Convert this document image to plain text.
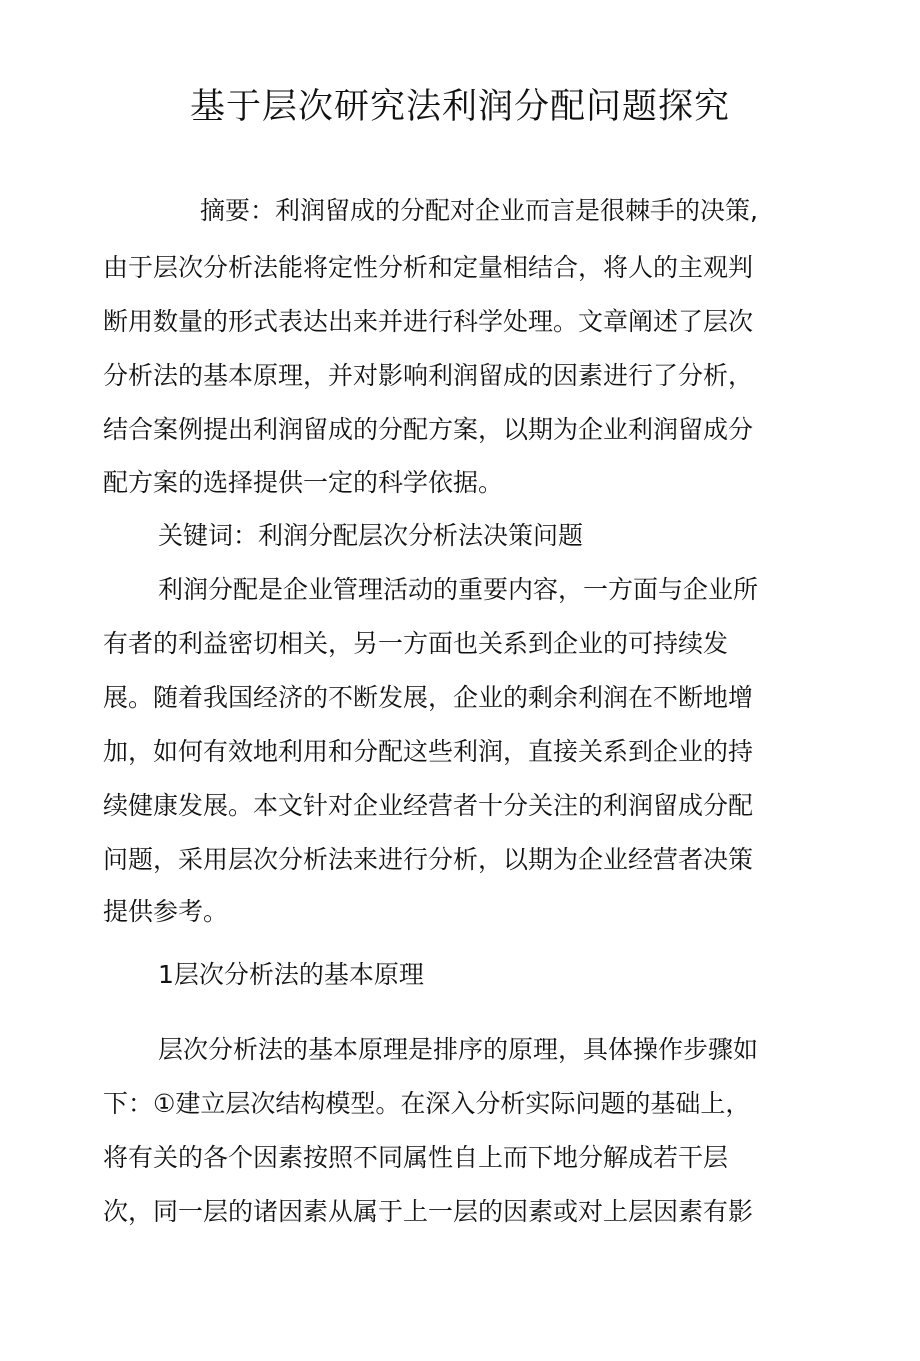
基于层次研究法利润分配问题探究

摘要：利润留成的分配对企业而言是很棘手的决策,

由于层次分析法能将定性分析和定量相结合，将人的主观判

断用数量的形式表达出来并进行科学处理。文章阐述了层次

分析法的基本原理，并对影响利润留成的因素进行了分析，

结合案例提出利润留成的分配方案，以期为企业利润留成分

配方案的选择提供一定的科学依据。

关键词：利润分配层次分析法决策问题

利润分配是企业管理活动的重要内容，一方面与企业所

有者的利益密切相关，另一方面也关系到企业的可持续发

展。随着我国经济的不断发展，企业的剩余利润在不断地增

加，如何有效地利用和分配这些利润，直接关系到企业的持

续健康发展。本文针对企业经营者十分关注的利润留成分配

问题，采用层次分析法来进行分析，以期为企业经营者决策

提供参考。

1层次分析法的基本原理

层次分析法的基本原理是排序的原理，具体操作步骤如

下：①建立层次结构模型。在深入分析实际问题的基础上，

将有关的各个因素按照不同属性自上而下地分解成若干层

次，同一层的诸因素从属于上一层的因素或对上层因素有影
